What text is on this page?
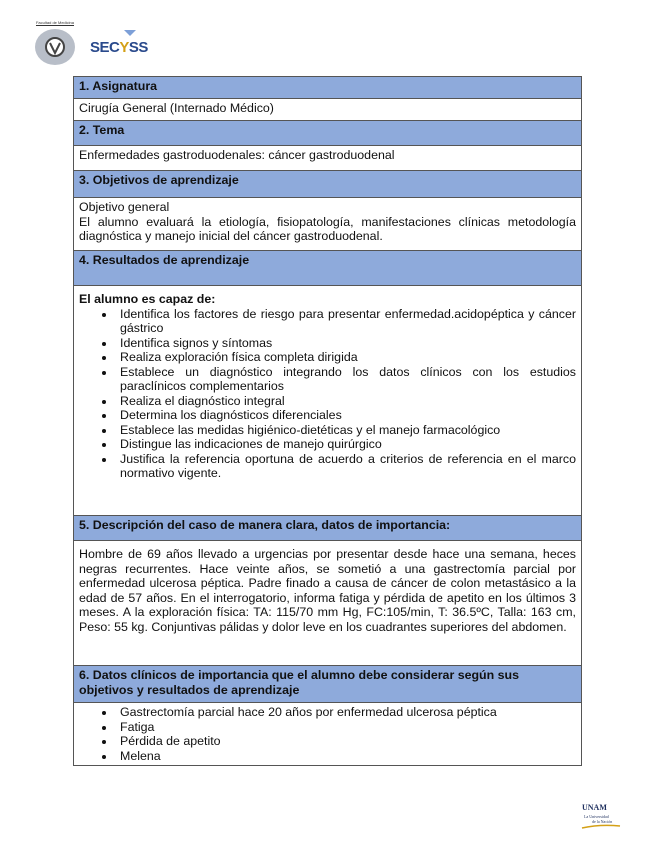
Facultad de Medicina
SECYSS
1. Asignatura
Cirugía General (Internado Médico)
2. Tema
Enfermedades gastroduodenales: cáncer gastroduodenal
3. Objetivos de aprendizaje

Objetivo general
El alumno evaluará la etiología, fisiopatología, manifestaciones clínicas metodología diagnóstica y manejo inicial del cáncer gastroduodenal.

4. Resultados de aprendizaje

El alumno es capaz de:
• Identifica los factores de riesgo para presentar enfermedad.acidopéptica y cáncer gástrico
• Identifica signos y síntomas
• Realiza exploración física completa dirigida
• Establece un diagnóstico integrando los datos clínicos con los estudios paraclínicos complementarios
• Realiza el diagnóstico integral
• Determina los diagnósticos diferenciales
• Establece las medidas higiénico-dietéticas y el manejo farmacológico
• Distingue las indicaciones de manejo quirúrgico
• Justifica la referencia oportuna de acuerdo a criterios de referencia en el marco normativo vigente.

5. Descripción del caso de manera clara, datos de importancia:
Hombre de 69 años llevado a urgencias por presentar desde hace una semana, heces negras recurrentes. Hace veinte años, se sometió a una gastrectomía parcial por enfermedad ulcerosa péptica. Padre finado a causa de cáncer de colon metastásico a la edad de 57 años. En el interrogatorio, informa fatiga y pérdida de apetito en los últimos 3 meses. A la exploración física: TA: 115/70 mm Hg, FC:105/min, T: 36.5ºC, Talla: 163 cm, Peso: 55 kg. Conjuntivas pálidas y dolor leve en los cuadrantes superiores del abdomen.
6. Datos clínicos de importancia que el alumno debe considerar según sus objetivos y resultados de aprendizaje

• Gastrectomía parcial hace 20 años por enfermedad ulcerosa péptica
• Fatiga
• Pérdida de apetito
• Melena
UNAM
La Universidad
de la Nación
